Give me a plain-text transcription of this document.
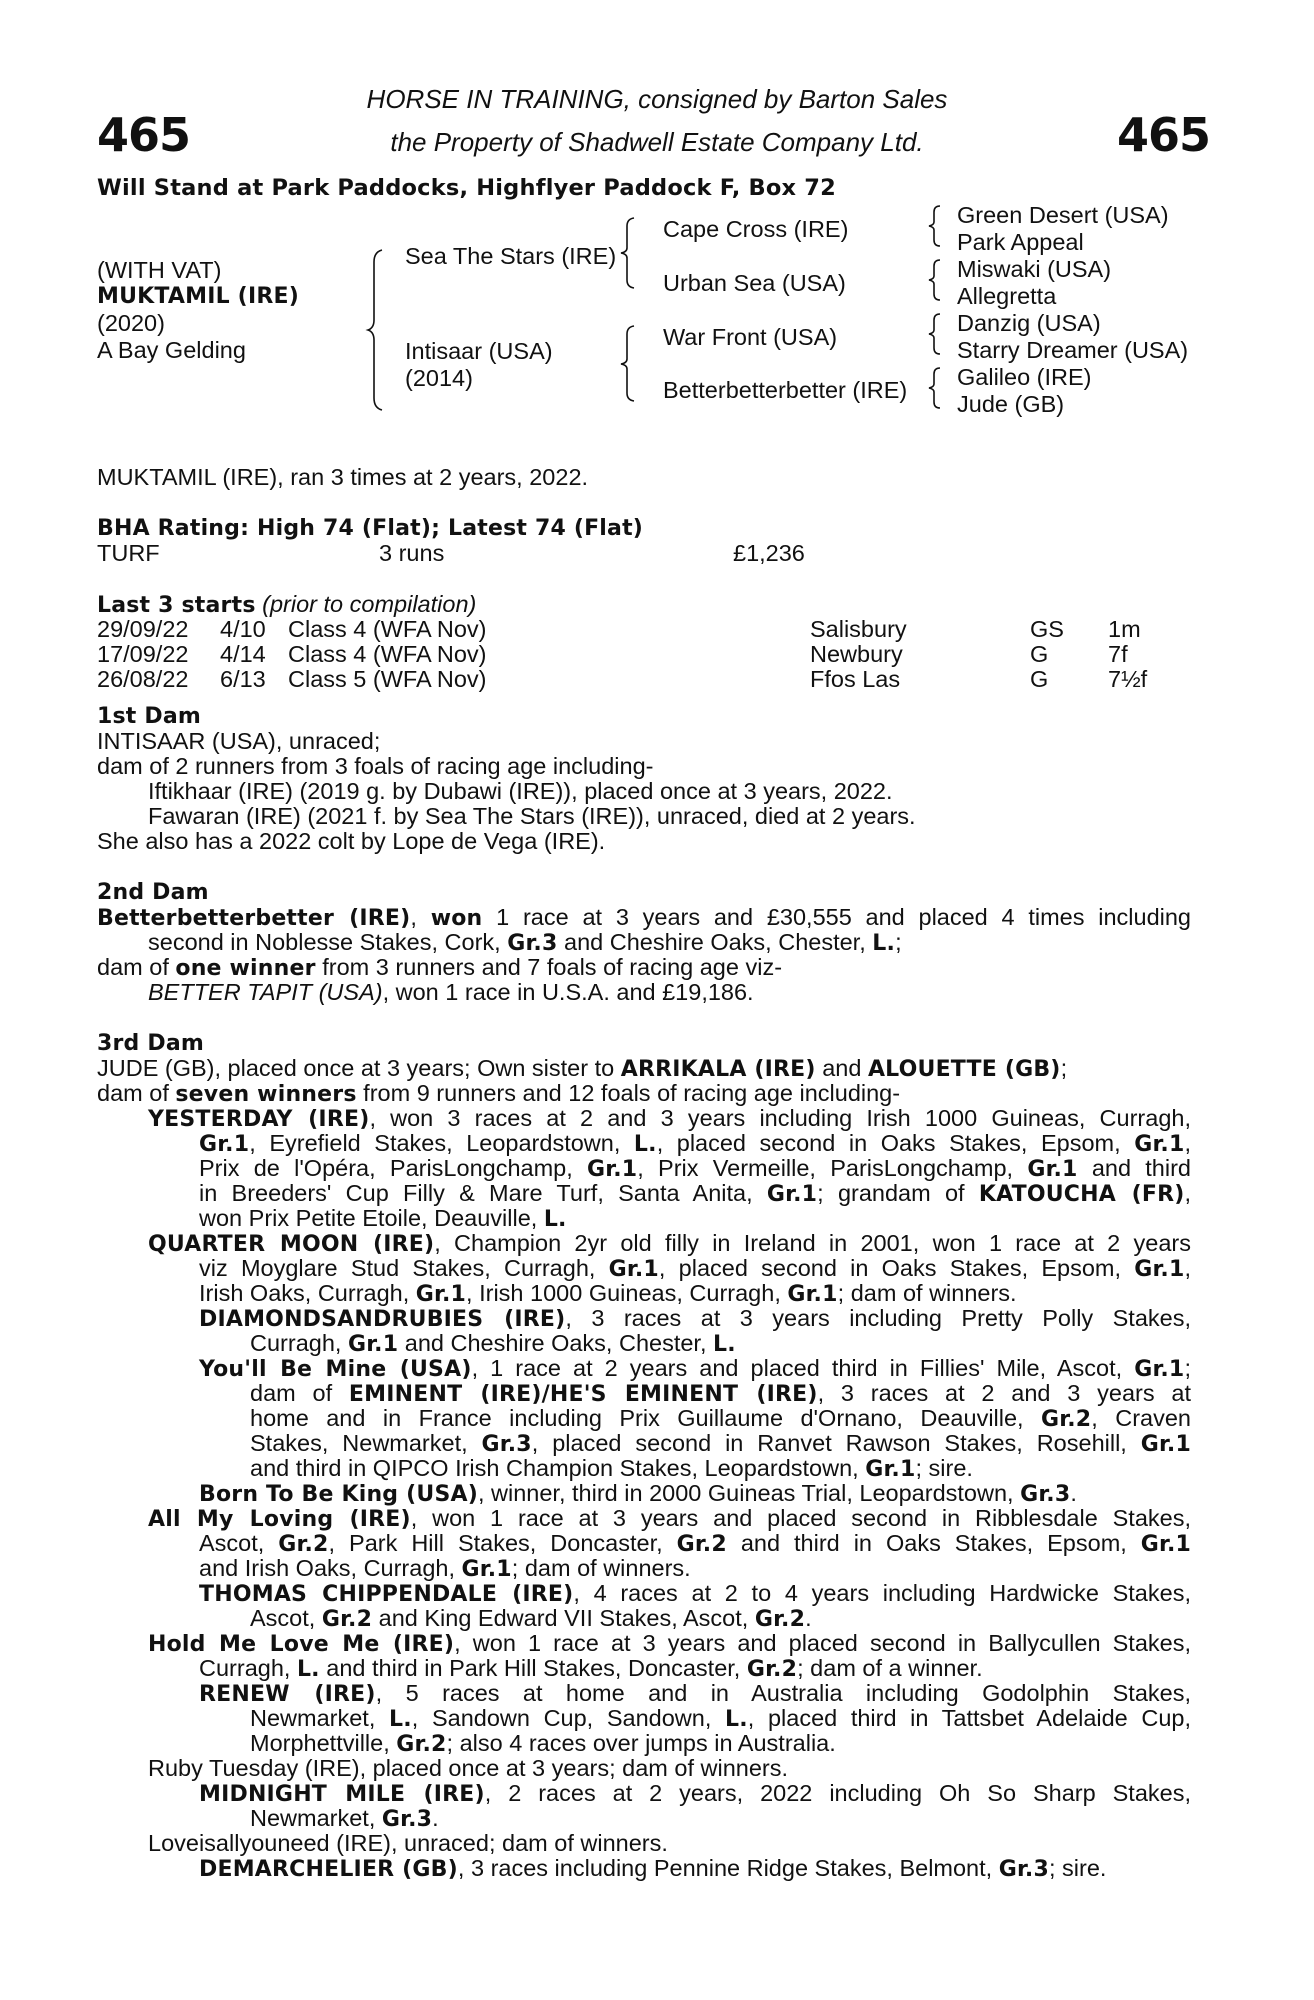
465	465
HORSE IN TRAINING, consigned by Barton Sales
the Property of Shadwell Estate Company Ltd.
Will Stand at Park Paddocks, Highflyer Paddock F, Box 72
(WITH VAT)
MUKTAMIL (IRE)
(2020)
A Bay Gelding
Sea The Stars (IRE)
Intisaar (USA)
(2014)
Cape Cross (IRE)
Urban Sea (USA)
War Front (USA)
Betterbetterbetter (IRE)
Green Desert (USA)
Park Appeal
Miswaki (USA)
Allegretta
Danzig (USA)
Starry Dreamer (USA)
Galileo (IRE)
Jude (GB)
MUKTAMIL (IRE), ran 3 times at 2 years, 2022.
BHA Rating: High 74 (Flat); Latest 74 (Flat)
TURF	3 runs	£1,236
Last 3 starts (prior to compilation)
29/09/22 4/10 Class 4 (WFA Nov)	Salisbury	GS 1m
17/09/22 4/14 Class 4 (WFA Nov)	Newbury	G	7f
26/08/22 6/13 Class 5 (WFA Nov)	Ffos Las	G	7½f
1st Dam
INTISAAR (USA), unraced;
dam of 2 runners from 3 foals of racing age including-
Iftikhaar (IRE) (2019 g. by Dubawi (IRE)), placed once at 3 years, 2022.
Fawaran (IRE) (2021 f. by Sea The Stars (IRE)), unraced, died at 2 years.
She also has a 2022 colt by Lope de Vega (IRE).
2nd Dam
Betterbetterbetter (IRE), won 1 race at 3 years and £30,555 and placed 4 times including
second in Noblesse Stakes, Cork, Gr.3 and Cheshire Oaks, Chester, L.;
dam of one winner from 3 runners and 7 foals of racing age viz-
BETTER TAPIT (USA), won 1 race in U.S.A. and £19,186.
3rd Dam
JUDE (GB), placed once at 3 years; Own sister to ARRIKALA (IRE) and ALOUETTE (GB);
dam of seven winners from 9 runners and 12 foals of racing age including-
YESTERDAY (IRE), won 3 races at 2 and 3 years including Irish 1000 Guineas, Curragh,
Gr.1, Eyrefield Stakes, Leopardstown, L., placed second in Oaks Stakes, Epsom, Gr.1,
Prix de l'Opéra, ParisLongchamp, Gr.1, Prix Vermeille, ParisLongchamp, Gr.1 and third
in Breeders' Cup Filly & Mare Turf, Santa Anita, Gr.1; grandam of KATOUCHA (FR),
won Prix Petite Etoile, Deauville, L.
QUARTER MOON (IRE), Champion 2yr old filly in Ireland in 2001, won 1 race at 2 years
viz Moyglare Stud Stakes, Curragh, Gr.1, placed second in Oaks Stakes, Epsom, Gr.1,
Irish Oaks, Curragh, Gr.1, Irish 1000 Guineas, Curragh, Gr.1; dam of winners.
DIAMONDSANDRUBIES (IRE), 3 races at 3 years including Pretty Polly Stakes,
Curragh, Gr.1 and Cheshire Oaks, Chester, L.
You'll Be Mine (USA), 1 race at 2 years and placed third in Fillies' Mile, Ascot, Gr.1;
dam of EMINENT (IRE)/HE'S EMINENT (IRE), 3 races at 2 and 3 years at
home and in France including Prix Guillaume d'Ornano, Deauville, Gr.2, Craven
Stakes, Newmarket, Gr.3, placed second in Ranvet Rawson Stakes, Rosehill, Gr.1
and third in QIPCO Irish Champion Stakes, Leopardstown, Gr.1; sire.
Born To Be King (USA), winner, third in 2000 Guineas Trial, Leopardstown, Gr.3.
All My Loving (IRE), won 1 race at 3 years and placed second in Ribblesdale Stakes,
Ascot, Gr.2, Park Hill Stakes, Doncaster, Gr.2 and third in Oaks Stakes, Epsom, Gr.1
and Irish Oaks, Curragh, Gr.1; dam of winners.
THOMAS CHIPPENDALE (IRE), 4 races at 2 to 4 years including Hardwicke Stakes,
Ascot, Gr.2 and King Edward VII Stakes, Ascot, Gr.2.
Hold Me Love Me (IRE), won 1 race at 3 years and placed second in Ballycullen Stakes,
Curragh, L. and third in Park Hill Stakes, Doncaster, Gr.2; dam of a winner.
RENEW (IRE), 5 races at home and in Australia including Godolphin Stakes,
Newmarket, L., Sandown Cup, Sandown, L., placed third in Tattsbet Adelaide Cup,
Morphettville, Gr.2; also 4 races over jumps in Australia.
Ruby Tuesday (IRE), placed once at 3 years; dam of winners.
MIDNIGHT MILE (IRE), 2 races at 2 years, 2022 including Oh So Sharp Stakes,
Newmarket, Gr.3.
Loveisallyouneed (IRE), unraced; dam of winners.
DEMARCHELIER (GB), 3 races including Pennine Ridge Stakes, Belmont, Gr.3; sire.
